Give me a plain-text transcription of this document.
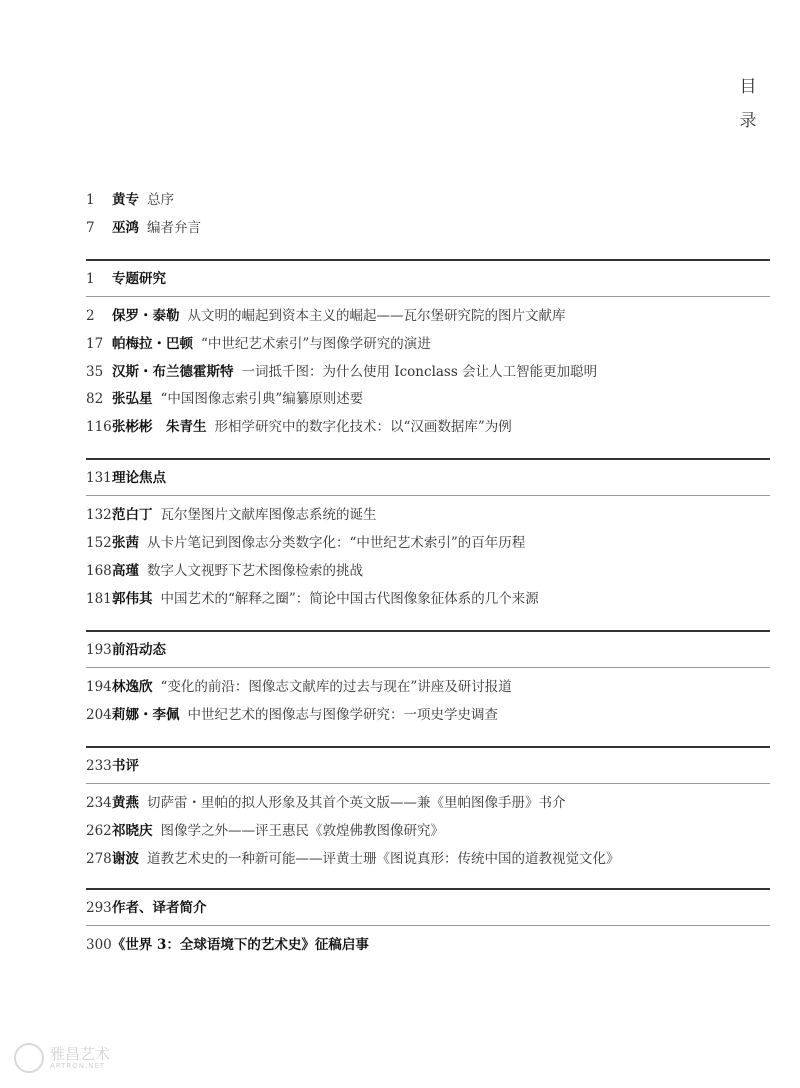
目
录
1 黄专 总序
7 巫鸿 编者弁言
1 专题研究
2 保罗・泰勒 从文明的崛起到资本主义的崛起——瓦尔堡研究院的图片文献库
17 帕梅拉・巴顿 “中世纪艺术索引”与图像学研究的演进
35 汉斯・布兰德霍斯特 一词抵千图：为什么使用 Iconclass 会让人工智能更加聪明
82 张弘星 “中国图像志索引典”编纂原则述要
116张彬彬　朱青生 形相学研究中的数字化技术：以“汉画数据库”为例
131理论焦点
132范白丁 瓦尔堡图片文献库图像志系统的诞生
152张茜 从卡片笔记到图像志分类数字化：“中世纪艺术索引”的百年历程
168高瑾 数字人文视野下艺术图像检索的挑战
181郭伟其 中国艺术的“解释之圈”：简论中国古代图像象征体系的几个来源
193前沿动态
194林逸欣 “变化的前沿：图像志文献库的过去与现在”讲座及研讨报道
204莉娜・李佩 中世纪艺术的图像志与图像学研究：一项史学史调查
233书评
234黄燕 切萨雷・里帕的拟人形象及其首个英文版——兼《里帕图像手册》书介
262祁晓庆 图像学之外——评王惠民《敦煌佛教图像研究》
278谢波 道教艺术史的一种新可能——评黄士珊《图说真形：传统中国的道教视觉文化》
293作者、译者简介
300《世界 3：全球语境下的艺术史》征稿启事
雅昌艺术
ARTRON.NET
